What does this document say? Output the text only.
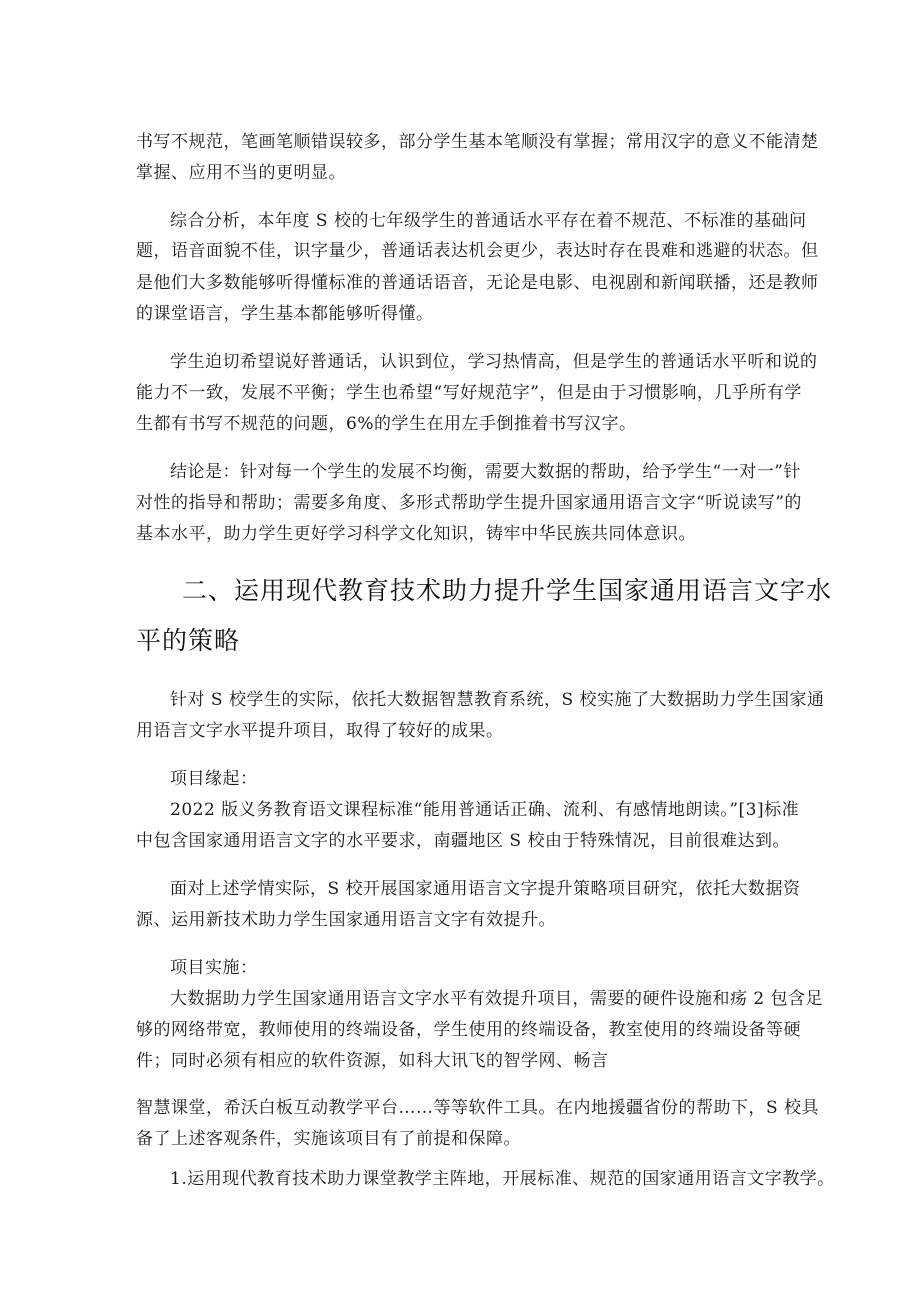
书写不规范，笔画笔顺错误较多，部分学生基本笔顺没有掌握；常用汉字的意义不能清楚
掌握、应用不当的更明显。
综合分析，本年度 S 校的七年级学生的普通话水平存在着不规范、不标准的基础问
题，语音面貌不佳，识字量少，普通话表达机会更少，表达时存在畏难和逃避的状态。但
是他们大多数能够听得懂标准的普通话语音，无论是电影、电视剧和新闻联播，还是教师
的课堂语言，学生基本都能够听得懂。
学生迫切希望说好普通话，认识到位，学习热情高，但是学生的普通话水平听和说的
能力不一致，发展不平衡；学生也希望“写好规范字”，但是由于习惯影响，几乎所有学
生都有书写不规范的问题，6%的学生在用左手倒推着书写汉字。
结论是：针对每一个学生的发展不均衡，需要大数据的帮助，给予学生“一对一”针
对性的指导和帮助；需要多角度、多形式帮助学生提升国家通用语言文字“听说读写”的
基本水平，助力学生更好学习科学文化知识，铸牢中华民族共同体意识。
二、运用现代教育技术助力提升学生国家通用语言文字水
平的策略
针对 S 校学生的实际，依托大数据智慧教育系统，S 校实施了大数据助力学生国家通
用语言文字水平提升项目，取得了较好的成果。
项目缘起：
2022 版义务教育语文课程标准“能用普通话正确、流利、有感情地朗读。”[3]标准
中包含国家通用语言文字的水平要求，南疆地区 S 校由于特殊情况，目前很难达到。
面对上述学情实际，S 校开展国家通用语言文字提升策略项目研究，依托大数据资
源、运用新技术助力学生国家通用语言文字有效提升。
项目实施：
大数据助力学生国家通用语言文字水平有效提升项目，需要的硬件设施和疡 2 包含足
够的网络带宽，教师使用的终端设备，学生使用的终端设备，教室使用的终端设备等硬
件；同时必须有相应的软件资源，如科大讯飞的智学网、畅言
智慧课堂，希沃白板互动教学平台……等等软件工具。在内地援疆省份的帮助下，S 校具
备了上述客观条件，实施该项目有了前提和保障。
1.运用现代教育技术助力课堂教学主阵地，开展标准、规范的国家通用语言文字教学。
